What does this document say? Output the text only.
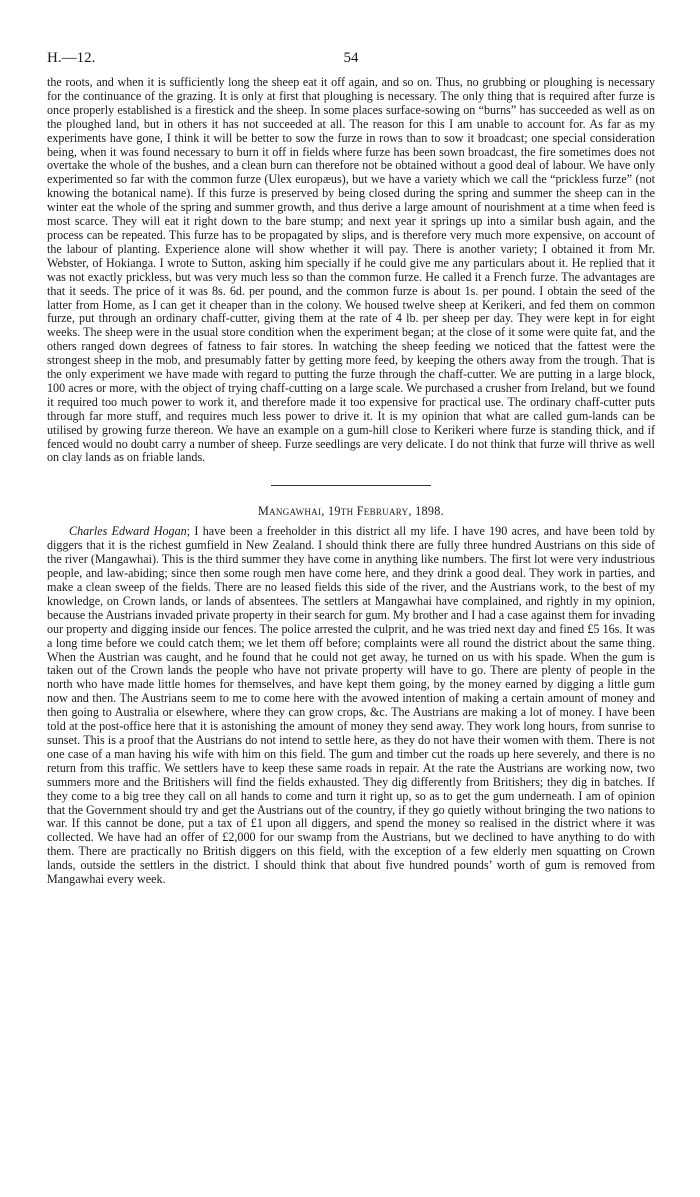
H.—12.	54

the roots, and when it is sufficiently long the sheep eat it off again, and so on. Thus, no grubbing or ploughing is necessary for the continuance of the grazing. It is only at first that ploughing is necessary. The only thing that is required after furze is once properly established is a firestick and the sheep. In some places surface-sowing on “burns” has succeeded as well as on the ploughed land, but in others it has not succeeded at all. The reason for this I am unable to account for. As far as my experiments have gone, I think it will be better to sow the furze in rows than to sow it broadcast; one special consideration being, when it was found necessary to burn it off in fields where furze has been sown broadcast, the fire sometimes does not overtake the whole of the bushes, and a clean burn can therefore not be obtained without a good deal of labour. We have only experimented so far with the common furze (Ulex europæus), but we have a variety which we call the “prickless furze” (not knowing the botanical name). If this furze is preserved by being closed during the spring and summer the sheep can in the winter eat the whole of the spring and summer growth, and thus derive a large amount of nourishment at a time when feed is most scarce. They will eat it right down to the bare stump; and next year it springs up into a similar bush again, and the process can be repeated. This furze has to be propagated by slips, and is therefore very much more expensive, on account of the labour of planting. Experience alone will show whether it will pay. There is another variety; I obtained it from Mr. Webster, of Hokianga. I wrote to Sutton, asking him specially if he could give me any particulars about it. He replied that it was not exactly prickless, but was very much less so than the common furze. He called it a French furze. The advantages are that it seeds. The price of it was 8s. 6d. per pound, and the common furze is about 1s. per pound. I obtain the seed of the latter from Home, as I can get it cheaper than in the colony. We housed twelve sheep at Kerikeri, and fed them on common furze, put through an ordinary chaff-cutter, giving them at the rate of 4 lb. per sheep per day. They were kept in for eight weeks. The sheep were in the usual store condition when the experiment began; at the close of it some were quite fat, and the others ranged down degrees of fatness to fair stores. In watching the sheep feeding we noticed that the fattest were the strongest sheep in the mob, and presumably fatter by getting more feed, by keeping the others away from the trough. That is the only experiment we have made with regard to putting the furze through the chaff-cutter. We are putting in a large block, 100 acres or more, with the object of trying chaff-cutting on a large scale. We purchased a crusher from Ireland, but we found it required too much power to work it, and therefore made it too expensive for practical use. The ordinary chaff-cutter puts through far more stuff, and requires much less power to drive it. It is my opinion that what are called gum-lands can be utilised by growing furze thereon. We have an example on a gum-hill close to Kerikeri where furze is standing thick, and if fenced would no doubt carry a number of sheep. Furze seedlings are very delicate. I do not think that furze will thrive as well on clay lands as on friable lands.

Mangawhai, 19th February, 1898.

Charles Edward Hogan; I have been a freeholder in this district all my life. I have 190 acres, and have been told by diggers that it is the richest gumfield in New Zealand. I should think there are fully three hundred Austrians on this side of the river (Mangawhai). This is the third summer they have come in anything like numbers. The first lot were very industrious people, and law-abiding; since then some rough men have come here, and they drink a good deal. They work in parties, and make a clean sweep of the fields. There are no leased fields this side of the river, and the Austrians work, to the best of my knowledge, on Crown lands, or lands of absentees. The settlers at Mangawhai have complained, and rightly in my opinion, because the Austrians invaded private property in their search for gum. My brother and I had a case against them for invading our property and digging inside our fences. The police arrested the culprit, and he was tried next day and fined £5 16s. It was a long time before we could catch them; we let them off before; complaints were all round the district about the same thing. When the Austrian was caught, and he found that he could not get away, he turned on us with his spade. When the gum is taken out of the Crown lands the people who have not private property will have to go. There are plenty of people in the north who have made little homes for themselves, and have kept them going, by the money earned by digging a little gum now and then. The Austrians seem to me to come here with the avowed intention of making a certain amount of money and then going to Australia or elsewhere, where they can grow crops, &c. The Austrians are making a lot of money. I have been told at the post-office here that it is astonishing the amount of money they send away. They work long hours, from sunrise to sunset. This is a proof that the Austrians do not intend to settle here, as they do not have their women with them. There is not one case of a man having his wife with him on this field. The gum and timber cut the roads up here severely, and there is no return from this traffic. We settlers have to keep these same roads in repair. At the rate the Austrians are working now, two summers more and the Britishers will find the fields exhausted. They dig differently from Britishers; they dig in batches. If they come to a big tree they call on all hands to come and turn it right up, so as to get the gum underneath. I am of opinion that the Government should try and get the Austrians out of the country, if they go quietly without bringing the two nations to war. If this cannot be done, put a tax of £1 upon all diggers, and spend the money so realised in the district where it was collected. We have had an offer of £2,000 for our swamp from the Austrians, but we declined to have anything to do with them. There are practically no British diggers on this field, with the exception of a few elderly men squatting on Crown lands, outside the settlers in the district. I should think that about five hundred pounds’ worth of gum is removed from Mangawhai every week.
